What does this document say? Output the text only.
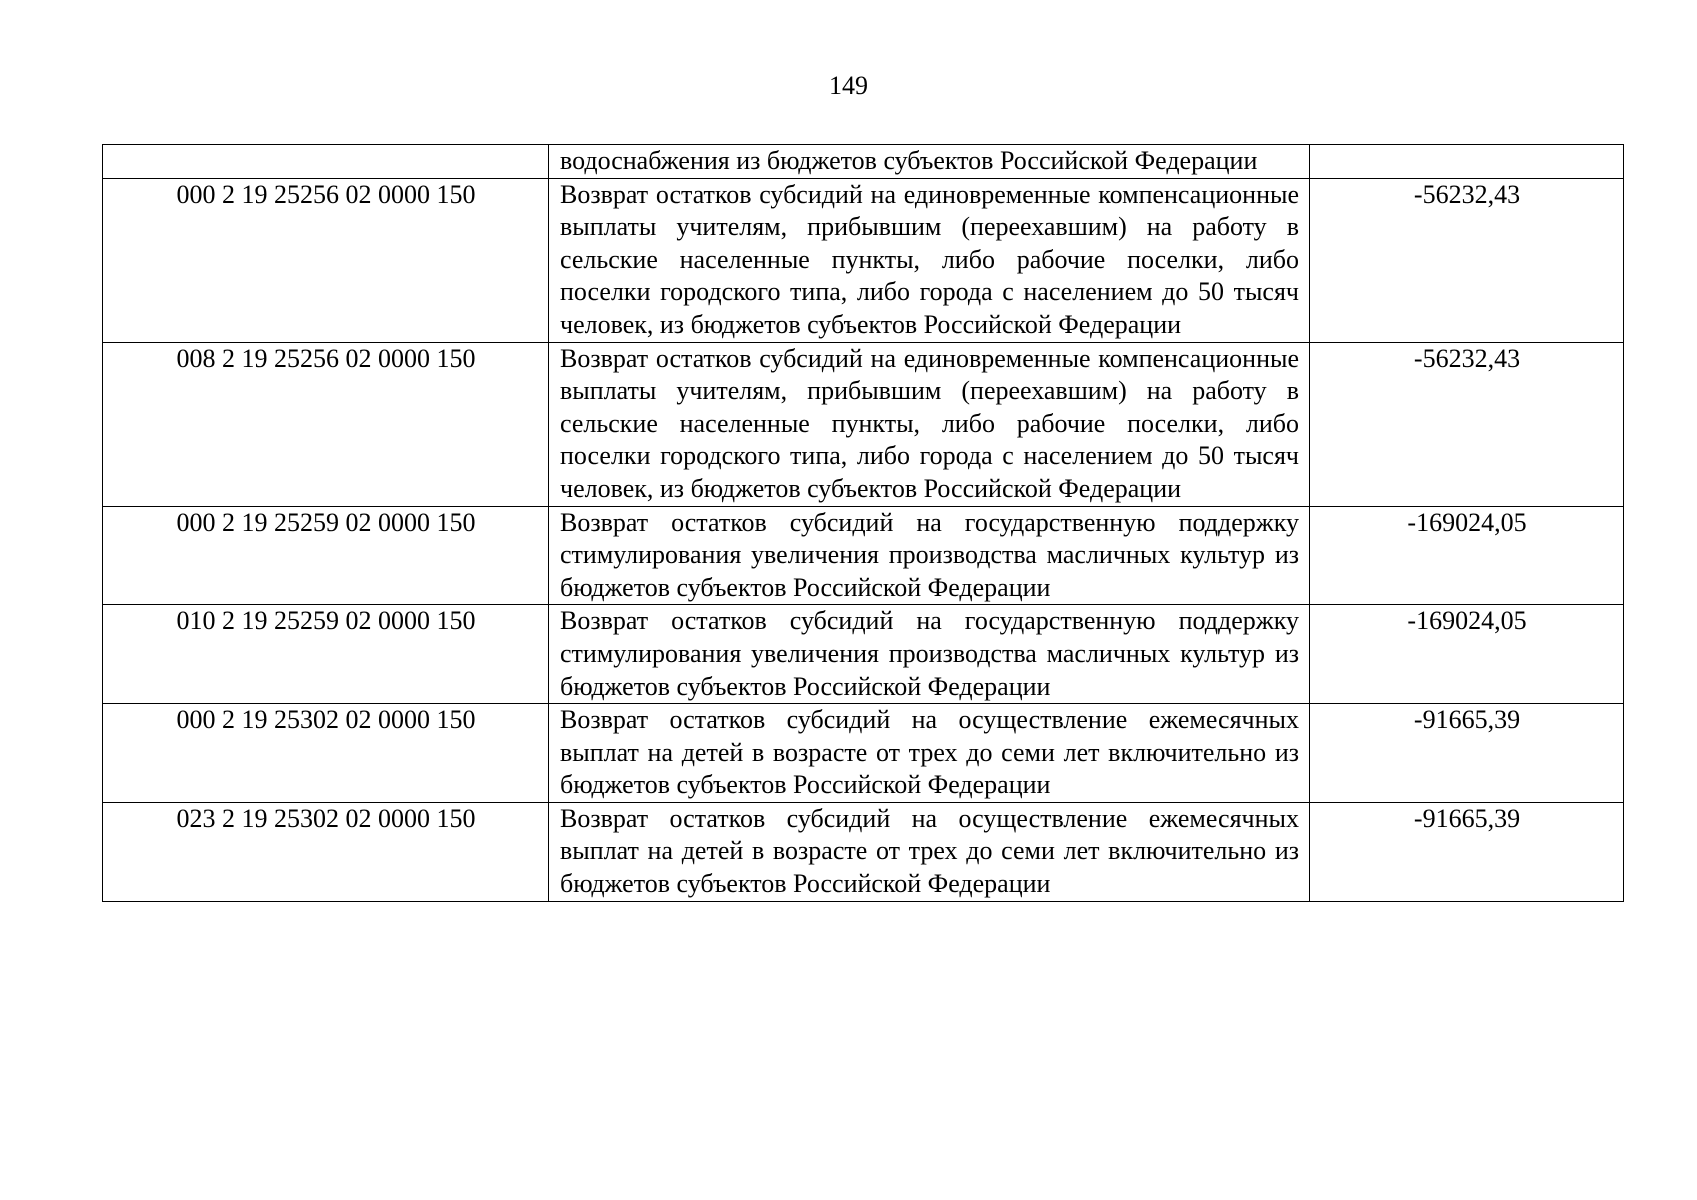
149
	водоснабжения из бюджетов субъектов Российской Федерации	
000 2 19 25256 02 0000 150	Возврат остатков субсидий на единовременные компенсационные выплаты учителям, прибывшим (переехавшим) на работу в сельские населенные пункты, либо рабочие поселки, либо поселки городского типа, либо города с населением до 50 тысяч человек, из бюджетов субъектов Российской Федерации	-56232,43
008 2 19 25256 02 0000 150	Возврат остатков субсидий на единовременные компенсационные выплаты учителям, прибывшим (переехавшим) на работу в сельские населенные пункты, либо рабочие поселки, либо поселки городского типа, либо города с населением до 50 тысяч человек, из бюджетов субъектов Российской Федерации	-56232,43
000 2 19 25259 02 0000 150	Возврат остатков субсидий на государственную поддержку стимулирования увеличения производства масличных культур из бюджетов субъектов Российской Федерации	-169024,05
010 2 19 25259 02 0000 150	Возврат остатков субсидий на государственную поддержку стимулирования увеличения производства масличных культур из бюджетов субъектов Российской Федерации	-169024,05
000 2 19 25302 02 0000 150	Возврат остатков субсидий на осуществление ежемесячных выплат на детей в возрасте от трех до семи лет включительно из бюджетов субъектов Российской Федерации	-91665,39
023 2 19 25302 02 0000 150	Возврат остатков субсидий на осуществление ежемесячных выплат на детей в возрасте от трех до семи лет включительно из бюджетов субъектов Российской Федерации	-91665,39
